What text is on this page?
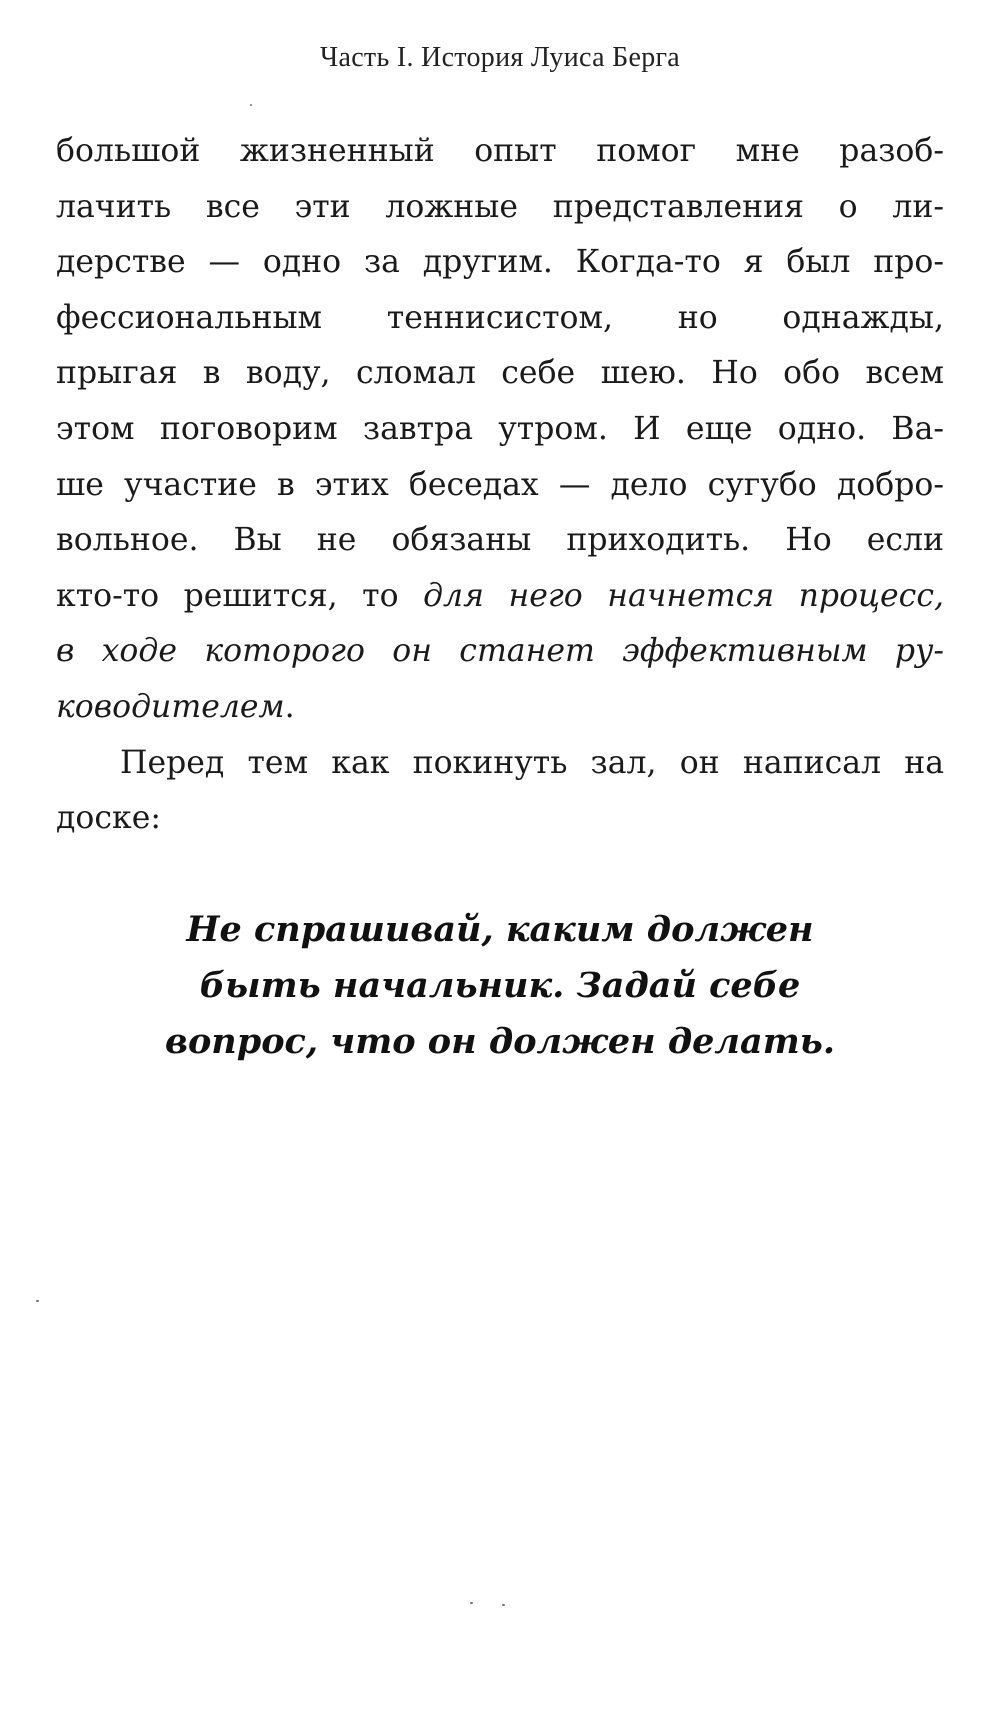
Часть I. История Луиса Берга

большой жизненный опыт помог мне разоб-
лачить все эти ложные представления о ли-
дерстве — одно за другим. Когда-то я был про-
фессиональным теннисистом, но однажды,
прыгая в воду, сломал себе шею. Но обо всем
этом поговорим завтра утром. И еще одно. Ва-
ше участие в этих беседах — дело сугубо добро-
вольное. Вы не обязаны приходить. Но если
кто-то решится, то для него начнется процесс,
в ходе которого он станет эффективным ру-
ководителем.

Перед тем как покинуть зал, он написал на
доске:

Не спрашивай, каким должен
быть начальник. Задай себе
вопрос, что он должен делать.
